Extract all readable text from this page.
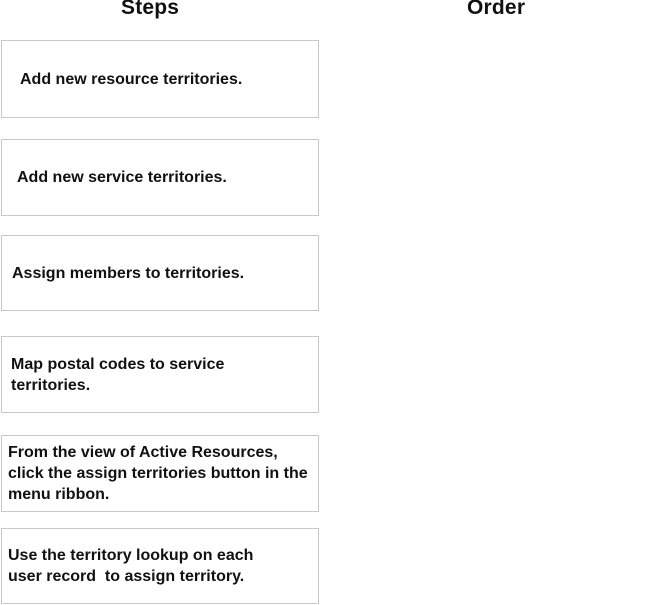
Steps	Order
Add new resource territories.
Add new service territories.
Assign members to territories.
Map postal codes to service territories.
From the view of Active Resources, click the assign territories button in the menu ribbon.
Use the territory lookup on each user record  to assign territory.
